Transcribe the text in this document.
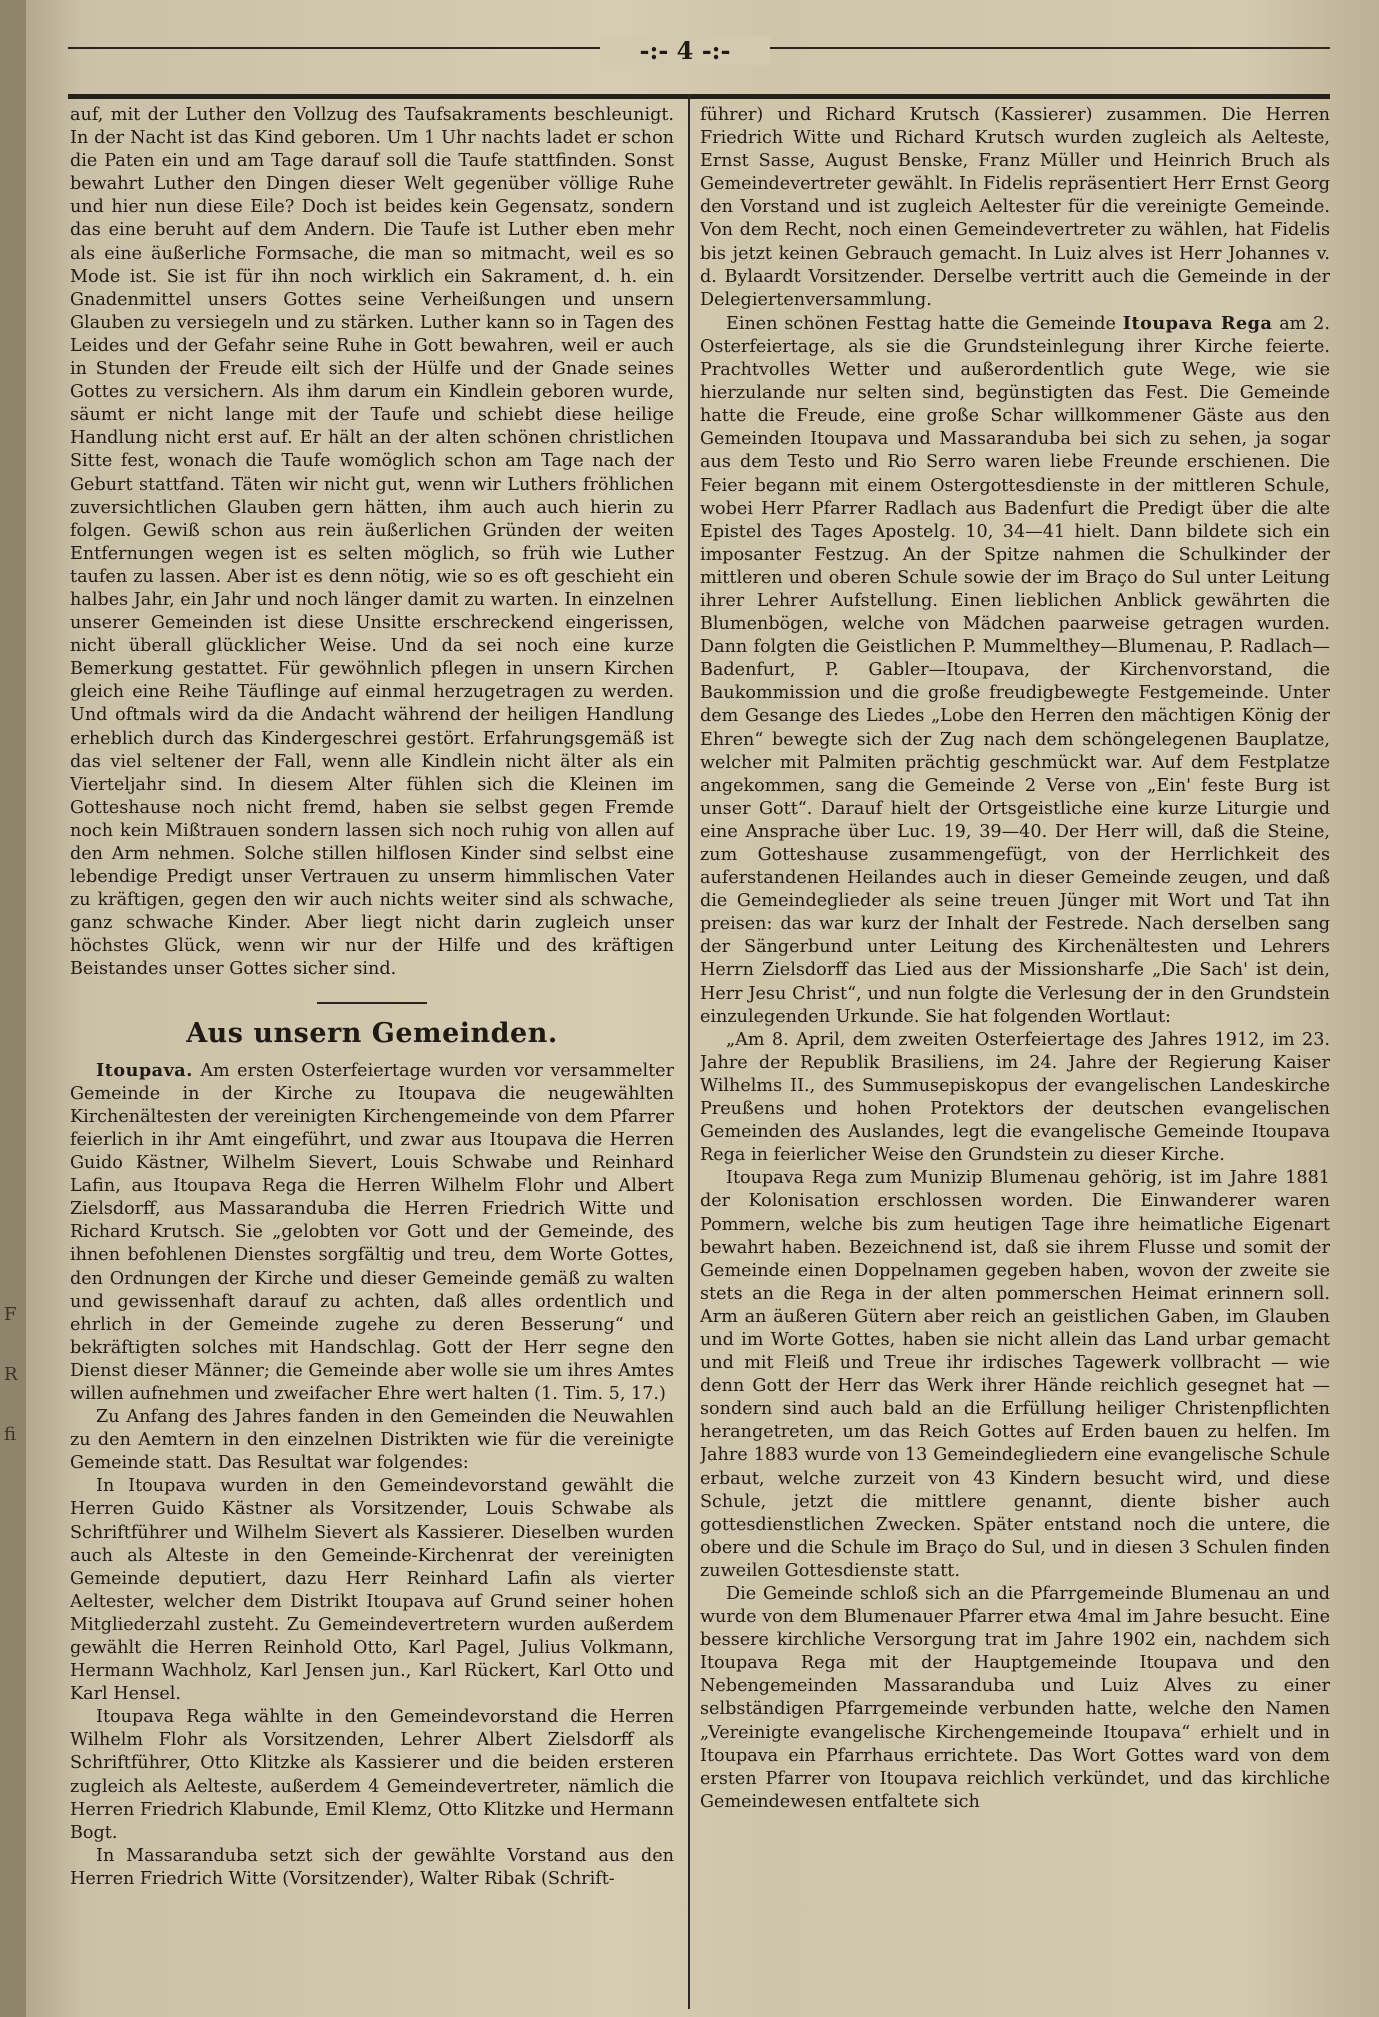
F

R

fi
-:- 4 -:-

auf, mit der Luther den Vollzug des Taufsakraments beschleunigt. In der Nacht ist das Kind geboren. Um 1 Uhr nachts ladet er schon die Paten ein und am Tage darauf soll die Taufe stattfinden. Sonst bewahrt Luther den Dingen dieser Welt gegenüber völlige Ruhe und hier nun diese Eile? Doch ist beides kein Gegensatz, sondern das eine beruht auf dem Andern. Die Taufe ist Luther eben mehr als eine äußerliche Formsache, die man so mitmacht, weil es so Mode ist. Sie ist für ihn noch wirklich ein Sakrament, d. h. ein Gnadenmittel unsers Gottes seine Verheißungen und unsern Glauben zu versiegeln und zu stärken. Luther kann so in Tagen des Leides und der Gefahr seine Ruhe in Gott bewahren, weil er auch in Stunden der Freude eilt sich der Hülfe und der Gnade seines Gottes zu versichern. Als ihm darum ein Kindlein geboren wurde, säumt er nicht lange mit der Taufe und schiebt diese heilige Handlung nicht erst auf. Er hält an der alten schönen christlichen Sitte fest, wonach die Taufe womöglich schon am Tage nach der Geburt stattfand. Täten wir nicht gut, wenn wir Luthers fröhlichen zuversichtlichen Glauben gern hätten, ihm auch auch hierin zu folgen. Gewiß schon aus rein äußerlichen Gründen der weiten Entfernungen wegen ist es selten möglich, so früh wie Luther taufen zu lassen. Aber ist es denn nötig, wie so es oft geschieht ein halbes Jahr, ein Jahr und noch länger damit zu warten. In einzelnen unserer Gemeinden ist diese Unsitte erschreckend eingerissen, nicht überall glücklicher Weise. Und da sei noch eine kurze Bemerkung gestattet. Für gewöhnlich pflegen in unsern Kirchen gleich eine Reihe Täuflinge auf einmal herzugetragen zu werden. Und oftmals wird da die Andacht während der heiligen Handlung erheblich durch das Kindergeschrei gestört. Erfahrungsgemäß ist das viel seltener der Fall, wenn alle Kindlein nicht älter als ein Vierteljahr sind. In diesem Alter fühlen sich die Kleinen im Gotteshause noch nicht fremd, haben sie selbst gegen Fremde noch kein Mißtrauen sondern lassen sich noch ruhig von allen auf den Arm nehmen. Solche stillen hilflosen Kinder sind selbst eine lebendige Predigt unser Vertrauen zu unserm himmlischen Vater zu kräftigen, gegen den wir auch nichts weiter sind als schwache, ganz schwache Kinder. Aber liegt nicht darin zugleich unser höchstes Glück, wenn wir nur der Hilfe und des kräftigen Beistandes unser Gottes sicher sind.

Aus unsern Gemeinden.

Itoupava. Am ersten Osterfeiertage wurden vor versammelter Gemeinde in der Kirche zu Itoupava die neugewählten Kirchenältesten der vereinigten Kirchengemeinde von dem Pfarrer feierlich in ihr Amt eingeführt, und zwar aus Itoupava die Herren Guido Kästner, Wilhelm Sievert, Louis Schwabe und Reinhard Lafin, aus Itoupava Rega die Herren Wilhelm Flohr und Albert Zielsdorff, aus Massaranduba die Herren Friedrich Witte und Richard Krutsch. Sie „gelobten vor Gott und der Gemeinde, des ihnen befohlenen Dienstes sorgfältig und treu, dem Worte Gottes, den Ordnungen der Kirche und dieser Gemeinde gemäß zu walten und gewissenhaft darauf zu achten, daß alles ordentlich und ehrlich in der Gemeinde zugehe zu deren Besserung“ und bekräftigten solches mit Handschlag. Gott der Herr segne den Dienst dieser Männer; die Gemeinde aber wolle sie um ihres Amtes willen aufnehmen und zweifacher Ehre wert halten (1. Tim. 5, 17.)

Zu Anfang des Jahres fanden in den Gemeinden die Neuwahlen zu den Aemtern in den einzelnen Distrikten wie für die vereinigte Gemeinde statt. Das Resultat war folgendes:

In Itoupava wurden in den Gemeindevorstand gewählt die Herren Guido Kästner als Vorsitzender, Louis Schwabe als Schriftführer und Wilhelm Sievert als Kassierer. Dieselben wurden auch als Alteste in den Gemeinde-Kirchenrat der vereinigten Gemeinde deputiert, dazu Herr Reinhard Lafin als vierter Aeltester, welcher dem Distrikt Itoupava auf Grund seiner hohen Mitgliederzahl zusteht. Zu Gemeindevertretern wurden außerdem gewählt die Herren Reinhold Otto, Karl Pagel, Julius Volkmann, Hermann Wachholz, Karl Jensen jun., Karl Rückert, Karl Otto und Karl Hensel.

Itoupava Rega wählte in den Gemeindevorstand die Herren Wilhelm Flohr als Vorsitzenden, Lehrer Albert Zielsdorff als Schriftführer, Otto Klitzke als Kassierer und die beiden ersteren zugleich als Aelteste, außerdem 4 Gemeindevertreter, nämlich die Herren Friedrich Klabunde, Emil Klemz, Otto Klitzke und Hermann Bogt.

In Massaranduba setzt sich der gewählte Vorstand aus den Herren Friedrich Witte (Vorsitzender), Walter Ribak (Schrift-

führer) und Richard Krutsch (Kassierer) zusammen. Die Herren Friedrich Witte und Richard Krutsch wurden zugleich als Aelteste, Ernst Sasse, August Benske, Franz Müller und Heinrich Bruch als Gemeindevertreter gewählt. In Fidelis repräsentiert Herr Ernst Georg den Vorstand und ist zugleich Aeltester für die vereinigte Gemeinde. Von dem Recht, noch einen Gemeindevertreter zu wählen, hat Fidelis bis jetzt keinen Gebrauch gemacht. In Luiz alves ist Herr Johannes v. d. Bylaardt Vorsitzender. Derselbe vertritt auch die Gemeinde in der Delegiertenversammlung.

Einen schönen Festtag hatte die Gemeinde Itoupava Rega am 2. Osterfeiertage, als sie die Grundsteinlegung ihrer Kirche feierte. Prachtvolles Wetter und außerordentlich gute Wege, wie sie hierzulande nur selten sind, begünstigten das Fest. Die Gemeinde hatte die Freude, eine große Schar willkommener Gäste aus den Gemeinden Itoupava und Massaranduba bei sich zu sehen, ja sogar aus dem Testo und Rio Serro waren liebe Freunde erschienen. Die Feier begann mit einem Ostergottesdienste in der mittleren Schule, wobei Herr Pfarrer Radlach aus Badenfurt die Predigt über die alte Epistel des Tages Apostelg. 10, 34—41 hielt. Dann bildete sich ein imposanter Festzug. An der Spitze nahmen die Schulkinder der mittleren und oberen Schule sowie der im Braço do Sul unter Leitung ihrer Lehrer Aufstellung. Einen lieblichen Anblick gewährten die Blumenbögen, welche von Mädchen paarweise getragen wurden. Dann folgten die Geistlichen P. Mummelthey—Blumenau, P. Radlach—Badenfurt, P. Gabler—Itoupava, der Kirchenvorstand, die Baukommission und die große freudigbewegte Festgemeinde. Unter dem Gesange des Liedes „Lobe den Herren den mächtigen König der Ehren“ bewegte sich der Zug nach dem schöngelegenen Bauplatze, welcher mit Palmiten prächtig geschmückt war. Auf dem Festplatze angekommen, sang die Gemeinde 2 Verse von „Ein' feste Burg ist unser Gott“. Darauf hielt der Ortsgeistliche eine kurze Liturgie und eine Ansprache über Luc. 19, 39—40. Der Herr will, daß die Steine, zum Gotteshause zusammengefügt, von der Herrlichkeit des auferstandenen Heilandes auch in dieser Gemeinde zeugen, und daß die Gemeindeglieder als seine treuen Jünger mit Wort und Tat ihn preisen: das war kurz der Inhalt der Festrede. Nach derselben sang der Sängerbund unter Leitung des Kirchenältesten und Lehrers Herrn Zielsdorff das Lied aus der Missionsharfe „Die Sach' ist dein, Herr Jesu Christ“, und nun folgte die Verlesung der in den Grundstein einzulegenden Urkunde. Sie hat folgenden Wortlaut:

„Am 8. April, dem zweiten Osterfeiertage des Jahres 1912, im 23. Jahre der Republik Brasiliens, im 24. Jahre der Regierung Kaiser Wilhelms II., des Summusepiskopus der evangelischen Landeskirche Preußens und hohen Protektors der deutschen evangelischen Gemeinden des Auslandes, legt die evangelische Gemeinde Itoupava Rega in feierlicher Weise den Grundstein zu dieser Kirche.

Itoupava Rega zum Munizip Blumenau gehörig, ist im Jahre 1881 der Kolonisation erschlossen worden. Die Einwanderer waren Pommern, welche bis zum heutigen Tage ihre heimatliche Eigenart bewahrt haben. Bezeichnend ist, daß sie ihrem Flusse und somit der Gemeinde einen Doppelnamen gegeben haben, wovon der zweite sie stets an die Rega in der alten pommerschen Heimat erinnern soll. Arm an äußeren Gütern aber reich an geistlichen Gaben, im Glauben und im Worte Gottes, haben sie nicht allein das Land urbar gemacht und mit Fleiß und Treue ihr irdisches Tagewerk vollbracht — wie denn Gott der Herr das Werk ihrer Hände reichlich gesegnet hat — sondern sind auch bald an die Erfüllung heiliger Christenpflichten herangetreten, um das Reich Gottes auf Erden bauen zu helfen. Im Jahre 1883 wurde von 13 Gemeindegliedern eine evangelische Schule erbaut, welche zurzeit von 43 Kindern besucht wird, und diese Schule, jetzt die mittlere genannt, diente bisher auch gottesdienstlichen Zwecken. Später entstand noch die untere, die obere und die Schule im Braço do Sul, und in diesen 3 Schulen finden zuweilen Gottesdienste statt.

Die Gemeinde schloß sich an die Pfarrgemeinde Blumenau an und wurde von dem Blumenauer Pfarrer etwa 4mal im Jahre besucht. Eine bessere kirchliche Versorgung trat im Jahre 1902 ein, nachdem sich Itoupava Rega mit der Hauptgemeinde Itoupava und den Nebengemeinden Massaranduba und Luiz Alves zu einer selbständigen Pfarrgemeinde verbunden hatte, welche den Namen „Vereinigte evangelische Kirchengemeinde Itoupava“ erhielt und in Itoupava ein Pfarrhaus errichtete. Das Wort Gottes ward von dem ersten Pfarrer von Itoupava reichlich verkündet, und das kirchliche Gemeindewesen entfaltete sich
